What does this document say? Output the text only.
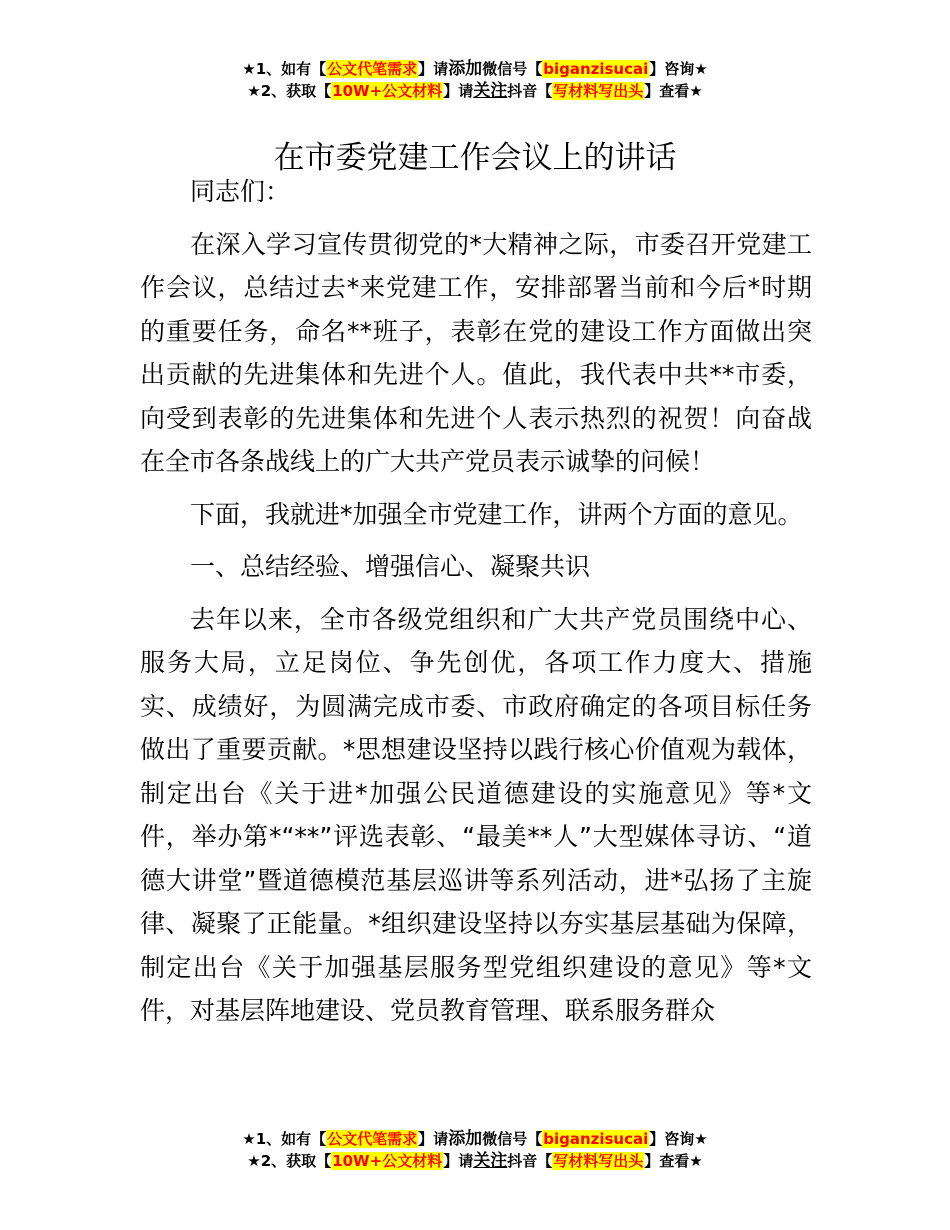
★1、如有【公文代笔需求】请添加微信号【biganzisucai】咨询★
★2、获取【10W+公文材料】请关注抖音【写材料写出头】查看★
在市委党建工作会议上的讲话

同志们：

在深入学习宣传贯彻党的*大精神之际，市委召开党建工作会议，总结过去*来党建工作，安排部署当前和今后*时期的重要任务，命名**班子，表彰在党的建设工作方面做出突出贡献的先进集体和先进个人。值此，我代表中共**市委，向受到表彰的先进集体和先进个人表示热烈的祝贺！向奋战在全市各条战线上的广大共产党员表示诚挚的问候！

下面，我就进*加强全市党建工作，讲两个方面的意见。

一、总结经验、增强信心、凝聚共识

去年以来，全市各级党组织和广大共产党员围绕中心、服务大局，立足岗位、争先创优，各项工作力度大、措施实、成绩好，为圆满完成市委、市政府确定的各项目标任务做出了重要贡献。*思想建设坚持以践行核心价值观为载体，制定出台《关于进*加强公民道德建设的实施意见》等*文件，举办第*“**”评选表彰、“最美**人”大型媒体寻访、“道德大讲堂”暨道德模范基层巡讲等系列活动，进*弘扬了主旋律、凝聚了正能量。*组织建设坚持以夯实基层基础为保障，制定出台《关于加强基层服务型党组织建设的意见》等*文件，对基层阵地建设、党员教育管理、联系服务群众

★1、如有【公文代笔需求】请添加微信号【biganzisucai】咨询★
★2、获取【10W+公文材料】请关注抖音【写材料写出头】查看★
